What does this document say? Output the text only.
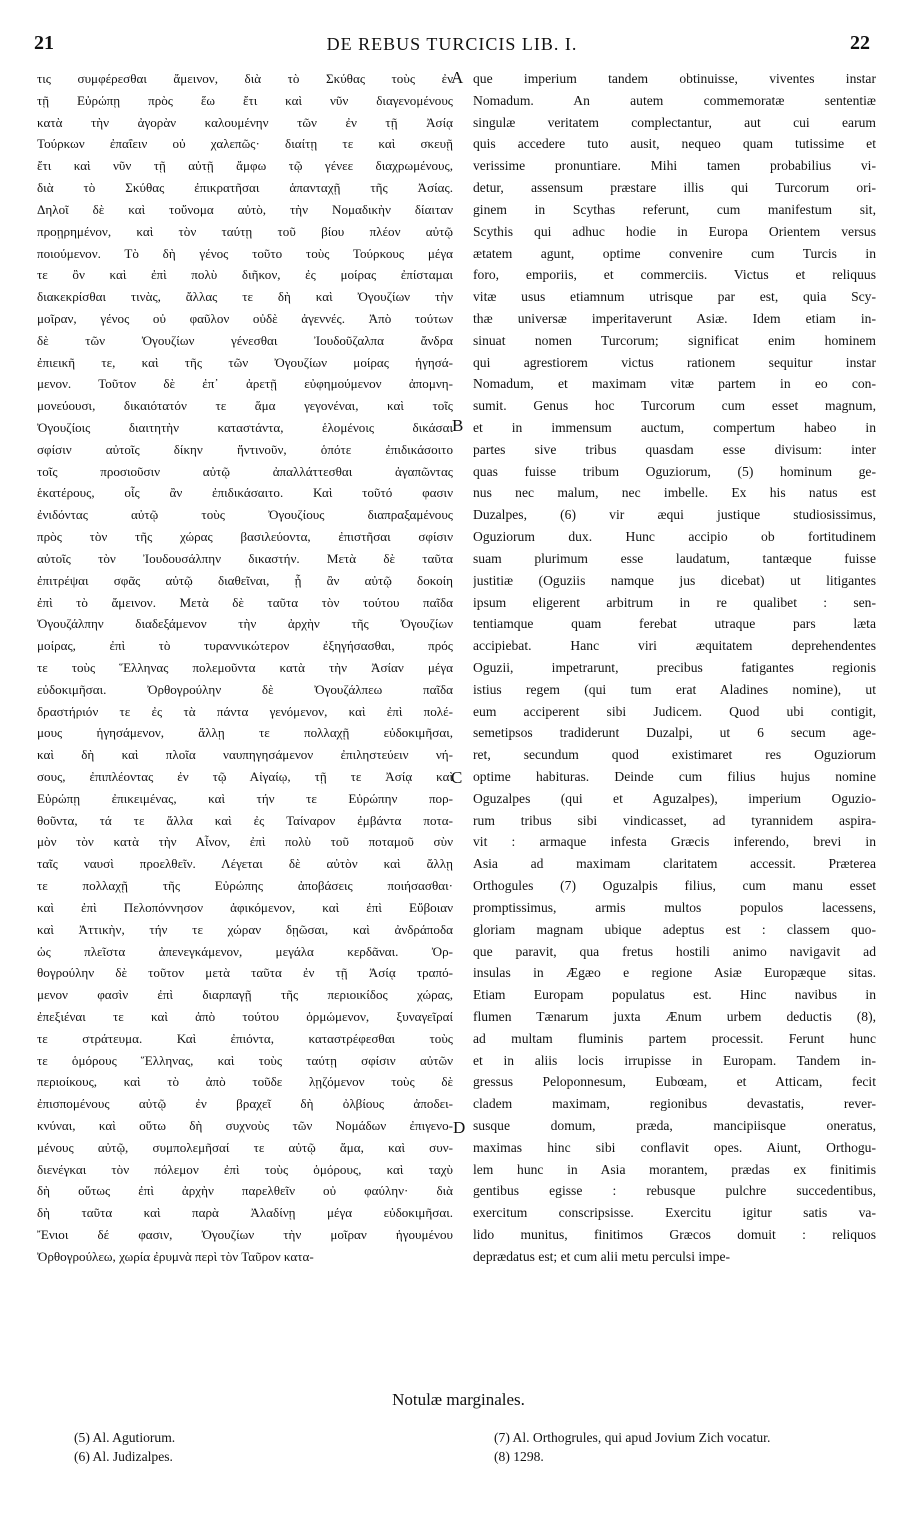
21	DE REBUS TURCICIS LIB. I.	22
τις συμφέρεσθαι ἄμεινον, διὰ τὸ Σκύθας τοὺς ἐν
τῇ Εὐρώπῃ πρὸς ἕω ἔτι καὶ νῦν διαγενομένους
κατὰ τὴν ἀγορὰν καλουμένην τῶν ἐν τῇ Ἀσίᾳ
Τούρκων ἐπαΐειν οὐ χαλεπῶς· διαίτῃ τε καὶ σκευῇ
ἔτι καὶ νῦν τῇ αὐτῇ ἄμφω τῷ γένεε διαχρωμένους,
διὰ τὸ Σκύθας ἐπικρατῆσαι ἁπανταχῇ τῆς Ἀσίας.
Δηλοῖ δὲ καὶ τοὔνομα αὐτὸ, τὴν Νομαδικὴν δίαιταν
προῃρημένον, καὶ τὸν ταύτῃ τοῦ βίου πλέον αὐτῷ
ποιούμενον. Τὸ δὴ γένος τοῦτο τοὺς Τούρκους μέγα
τε ὂν καὶ ἐπὶ πολὺ διῆκον, ἐς μοίρας ἐπίσταμαι
διακεκρίσθαι τινὰς, ἄλλας τε δὴ καὶ Ὀγουζίων τὴν
μοῖραν, γένος οὐ φαῦλον οὐδὲ ἀγεννές. Ἀπὸ τούτων
δὲ τῶν Ὀγουζίων γένεσθαι Ἰουδοῦζαλπα ἄνδρα
ἐπιεικῆ τε, καὶ τῆς τῶν Ὀγουζίων μοίρας ἡγησά-
μενον. Τοῦτον δὲ ἐπ᾽ ἀρετῇ εὐφημούμενον ἀπομνη-
μονεύουσι, δικαιότατόν τε ἅμα γεγονέναι, καὶ τοῖς
Ὀγουζίοις διαιτητὴν καταστάντα, ἑλομένοις δικάσαι
σφίσιν αὐτοῖς δίκην ἥντινοῦν, ὁπότε ἐπιδικάσοιτο
τοῖς προσιοῦσιν αὐτῷ ἀπαλλάττεσθαι ἀγαπῶντας
ἑκατέρους, οἷς ἂν ἐπιδικάσαιτο. Καὶ τοῦτό φασιν
ἐνιδόντας αὐτῷ τοὺς Ὀγουζίους διαπραξαμένους
πρὸς τὸν τῆς χώρας βασιλεύοντα, ἐπιστῆσαι σφίσιν
αὐτοῖς τὸν Ἰουδουσάλπην δικαστήν. Μετὰ δὲ ταῦτα
ἐπιτρέψαι σφᾶς αὐτῷ διαθεῖναι, ᾗ ἂν αὐτῷ δοκοίη
ἐπὶ τὸ ἄμεινον. Μετὰ δὲ ταῦτα τὸν τούτου παῖδα
Ὀγουζάλπην διαδεξάμενον τὴν ἀρχὴν τῆς Ὀγουζίων
μοίρας, ἐπὶ τὸ τυραννικώτερον ἐξηγήσασθαι, πρός
τε τοὺς Ἕλληνας πολεμοῦντα κατὰ τὴν Ἀσίαν μέγα
εὐδοκιμῆσαι. Ὀρθογρούλην δὲ Ὀγουζάλπεω παῖδα
δραστήριόν τε ἐς τὰ πάντα γενόμενον, καὶ ἐπὶ πολέ-
μους ἡγησάμενον, ἄλλῃ τε πολλαχῇ εὐδοκιμῆσαι,
καὶ δὴ καὶ πλοῖα ναυπηγησάμενον ἐπιληστεύειν νή-
σους, ἐπιπλέοντας ἐν τῷ Αἰγαίῳ, τῇ τε Ἀσίᾳ καὶ
Εὐρώπῃ ἐπικειμένας, καὶ τήν τε Εὐρώπην πορ-
θοῦντα, τά τε ἄλλα καὶ ἐς Ταίναρον ἐμβάντα ποτα-
μὸν τὸν κατὰ τὴν Αἶνον, ἐπὶ πολὺ τοῦ ποταμοῦ σὺν
ταῖς ναυσὶ προελθεῖν. Λέγεται δὲ αὐτὸν καὶ ἄλλῃ
τε πολλαχῇ τῆς Εὐρώπης ἀποβάσεις ποιήσασθαι·
καὶ ἐπὶ Πελοπόννησον ἀφικόμενον, καὶ ἐπὶ Εὔβοιαν
καὶ Ἀττικὴν, τήν τε χώραν δῃῶσαι, καὶ ἀνδράποδα
ὡς πλεῖστα ἀπενεγκάμενον, μεγάλα κερδᾶναι. Ὀρ-
θογρούλην δὲ τοῦτον μετὰ ταῦτα ἐν τῇ Ἀσίᾳ τραπό-
μενον φασὶν ἐπὶ διαρπαγῇ τῆς περιοικίδος χώρας,
ἐπεξιέναι τε καὶ ἀπὸ τούτου ὁρμώμενον, ξυναγεῖραί
τε στράτευμα. Καὶ ἐπιόντα, καταστρέφεσθαι τοὺς
τε ὁμόρους Ἕλληνας, καὶ τοὺς ταύτῃ σφίσιν αὐτῶν
περιοίκους, καὶ τὸ ἀπὸ τοῦδε λῃζόμενον τοὺς δὲ
ἐπισπομένους αὐτῷ ἐν βραχεῖ δὴ ὀλβίους ἀποδει-
κνύναι, καὶ οὕτω δὴ συχνοὺς τῶν Νομάδων ἐπιγενο-
μένους αὐτῷ, συμπολεμῆσαί τε αὐτῷ ἅμα, καὶ συν-
διενέγκαι τὸν πόλεμον ἐπὶ τοὺς ὁμόρους, καὶ ταχὺ
δὴ οὕτως ἐπὶ ἀρχὴν παρελθεῖν οὐ φαύλην· διὰ
δὴ ταῦτα καὶ παρὰ Ἀλαδίνῃ μέγα εὐδοκιμῆσαι.
Ἔνιοι δέ φασιν, Ὀγουζίων τὴν μοῖραν ἡγουμένου
Ὀρθογρούλεω, χωρία ἐρυμνὰ περὶ τὸν Ταῦρον κατα-
que imperium tandem obtinuisse, viventes instar
Nomadum. An autem commemoratæ sententiæ
singulæ veritatem complectantur, aut cui earum
quis accedere tuto ausit, nequeo quam tutissime et
verissime pronuntiare. Mihi tamen probabilius vi-
detur, assensum præstare illis qui Turcorum ori-
ginem in Scythas referunt, cum manifestum sit,
Scythis qui adhuc hodie in Europa Orientem versus
ætatem agunt, optime convenire cum Turcis in
foro, emporiis, et commerciis. Victus et reliquus
vitæ usus etiamnum utrisque par est, quia Scy-
thæ universæ imperitaverunt Asiæ. Idem etiam in-
sinuat nomen Turcorum; significat enim hominem
qui agrestiorem victus rationem sequitur instar
Nomadum, et maximam vitæ partem in eo con-
sumit. Genus hoc Turcorum cum esset magnum,
et in immensum auctum, compertum habeo in
partes sive tribus quasdam esse divisum: inter
quas fuisse tribum Oguziorum, (5) hominum ge-
nus nec malum, nec imbelle. Ex his natus est
Duzalpes, (6) vir æqui justique studiosissimus,
Oguziorum dux. Hunc accipio ob fortitudinem
suam plurimum esse laudatum, tantæque fuisse
justitiæ (Oguziis namque jus dicebat) ut litigantes
ipsum eligerent arbitrum in re qualibet : sen-
tentiamque quam ferebat utraque pars læta
accipiebat. Hanc viri æquitatem deprehendentes
Oguzii, impetrarunt, precibus fatigantes regionis
istius regem (qui tum erat Aladines nomine), ut
eum acciperent sibi Judicem. Quod ubi contigit,
semetipsos tradiderunt Duzalpi, ut 6 secum age-
ret, secundum quod existimaret res Oguziorum
optime habituras. Deinde cum filius hujus nomine
Oguzalpes (qui et Aguzalpes), imperium Oguzio-
rum tribus sibi vindicasset, ad tyrannidem aspira-
vit : armaque infesta Græcis inferendo, brevi in
Asia ad maximam claritatem accessit. Præterea
Orthogules (7) Oguzalpis filius, cum manu esset
promptissimus, armis multos populos lacessens,
gloriam magnam ubique adeptus est : classem quo-
que paravit, qua fretus hostili animo navigavit ad
insulas in Ægæo e regione Asiæ Europæque sitas.
Etiam Europam populatus est. Hinc navibus in
flumen Tænarum juxta Ænum urbem deductis (8),
ad multam fluminis partem processit. Ferunt hunc
et in aliis locis irrupisse in Europam. Tandem in-
gressus Peloponnesum, Eubœam, et Atticam, fecit
cladem maximam, regionibus devastatis, rever-
susque domum, præda, mancipiisque oneratus,
maximas hinc sibi conflavit opes. Aiunt, Orthogu-
lem hunc in Asia morantem, prædas ex finitimis
gentibus egisse : rebusque pulchre succedentibus,
exercitum conscripsisse. Exercitu igitur satis va-
lido munitus, finitimos Græcos domuit : reliquos
deprædatus est; et cum alii metu perculsi impe-
A
B
C
D
Notulæ marginales.
(5) Al. Agutiorum.
(6) Al. Judizalpes.
(7) Al. Orthogrules, qui apud Jovium Zich vocatur.
(8) 1298.
